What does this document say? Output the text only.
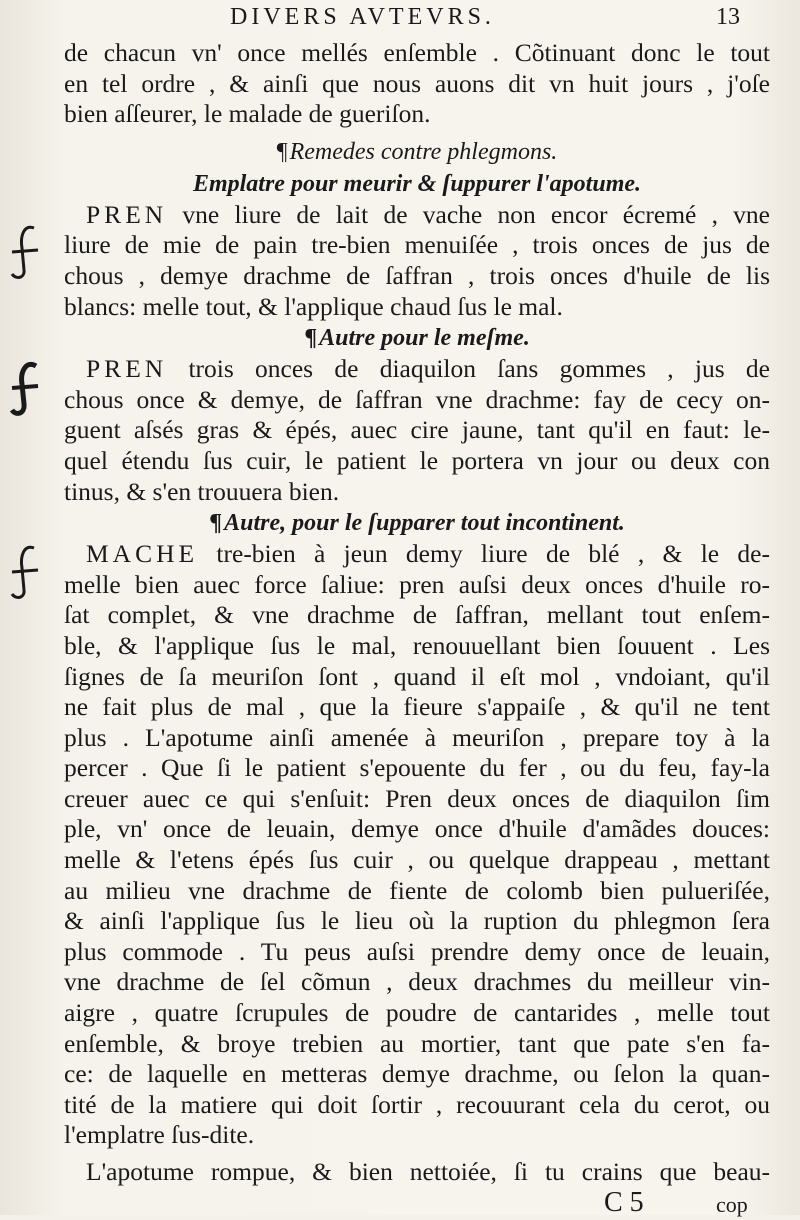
DIVERS AVTEVRS.	13
de chacun vn' once mellés enſemble . Cõtinuant donc le tout
en tel ordre , & ainſi que nous auons dit vn huit jours , j'oſe
bien aſſeurer, le malade de gueriſon.
¶Remedes contre phlegmons.
Emplatre pour meurir & ſuppurer l'apotume.
PREN vne liure de lait de vache non encor écremé , vne
liure de mie de pain tre-bien menuiſée , trois onces de jus de
chous , demye drachme de ſaffran , trois onces d'huile de lis
blancs: melle tout, & l'applique chaud ſus le mal.
¶Autre pour le meſme.
PREN trois onces de diaquilon ſans gommes , jus de
chous once & demye, de ſaffran vne drachme: fay de cecy on-
guent aſsés gras & épés, auec cire jaune, tant qu'il en faut: le-
quel étendu ſus cuir, le patient le portera vn jour ou deux con
tinus, & s'en trouuera bien.
¶Autre, pour le ſupparer tout incontinent.
MACHE tre-bien à jeun demy liure de blé , & le de-
melle bien auec force ſaliue: pren auſsi deux onces d'huile ro-
ſat complet, & vne drachme de ſaffran, mellant tout enſem-
ble, & l'applique ſus le mal, renouuellant bien ſouuent . Les
ſignes de ſa meuriſon ſont , quand il eſt mol , vndoiant, qu'il
ne fait plus de mal , que la fieure s'appaiſe , & qu'il ne tent
plus . L'apotume ainſi amenée à meuriſon , prepare toy à la
percer . Que ſi le patient s'epouente du fer , ou du feu, fay-la
creuer auec ce qui s'enſuit: Pren deux onces de diaquilon ſim
ple, vn' once de leuain, demye once d'huile d'amãdes douces:
melle & l'etens épés ſus cuir , ou quelque drappeau , mettant
au milieu vne drachme de fiente de colomb bien pulueriſée,
& ainſi l'applique ſus le lieu où la ruption du phlegmon ſera
plus commode . Tu peus auſsi prendre demy once de leuain,
vne drachme de ſel cõmun , deux drachmes du meilleur vin-
aigre , quatre ſcrupules de poudre de cantarides , melle tout
enſemble, & broye trebien au mortier, tant que pate s'en fa-
ce: de laquelle en metteras demye drachme, ou ſelon la quan-
tité de la matiere qui doit ſortir , recouurant cela du cerot, ou
l'emplatre ſus-dite.
L'apotume rompue, & bien nettoiée, ſi tu crains que beau-
C 5	cop
